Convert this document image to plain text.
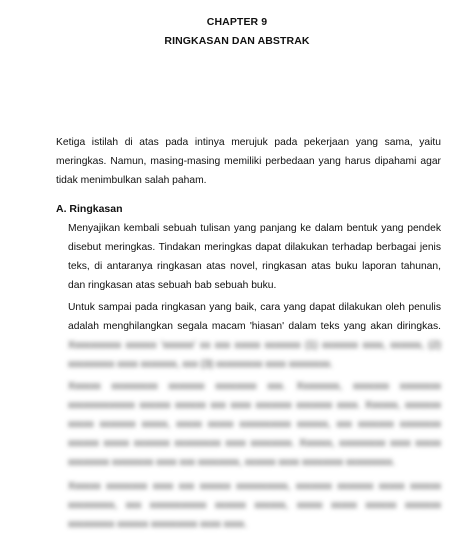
CHAPTER 9
RINGKASAN DAN ABSTRAK
Ketiga istilah di atas pada intinya merujuk pada pekerjaan yang sama, yaitu meringkas. Namun, masing-masing memiliki perbedaan yang harus dipahami agar tidak menimbulkan salah paham.
A. Ringkasan
Menyajikan kembali sebuah tulisan yang panjang ke dalam bentuk yang pendek disebut meringkas. Tindakan meringkas dapat dilakukan terhadap berbagai jenis teks, di antaranya ringkasan atas novel, ringkasan atas buku laporan tahunan, dan ringkasan atas sebuah bab sebuah buku.
Untuk sampai pada ringkasan yang baik, cara yang dapat dilakukan oleh penulis adalah menghilangkan segala macam 'hiasan' dalam teks yang akan diringkas.
Xxxxxxxxxx xxxxxx 'xxxxxx' xx xxx xxxxx xxxxxxx (1) xxxxxxx xxxx, xxxxxx, (2) xxxxxxxxx xxxx xxxxxxx, xxx (3) xxxxxxxxx xxxx xxxxxxxx.
Xxxxxx xxxxxxxxx xxxxxxx xxxxxxxx xxx. Xxxxxxxx, xxxxxxx xxxxxxxx xxxxxxxxxxxxx xxxxxx xxxxxx xxx xxxx xxxxxxx xxxxxxx xxxx. Xxxxxx, xxxxxxx xxxxx xxxxxxx xxxxx, xxxxx xxxxx xxxxxxxxxx xxxxxx, xxx xxxxxxx xxxxxxxx xxxxxx xxxxx xxxxxxx xxxxxxxxx xxxx xxxxxxxx. Xxxxxx, xxxxxxxxx xxxx xxxxx xxxxxxxx xxxxxxxx xxxx xxx xxxxxxxx, xxxxxx xxxx xxxxxxxx xxxxxxxxx.
Xxxxxx xxxxxxxx xxxx xxx xxxxxx xxxxxxxxxx, xxxxxxx xxxxxxx xxxxx xxxxxx xxxxxxxxx, xxx xxxxxxxxxxx xxxxxx xxxxxx, xxxxx xxxxx xxxxxx xxxxxxx xxxxxxxxx xxxxxx xxxxxxxxx xxxx xxxx.
